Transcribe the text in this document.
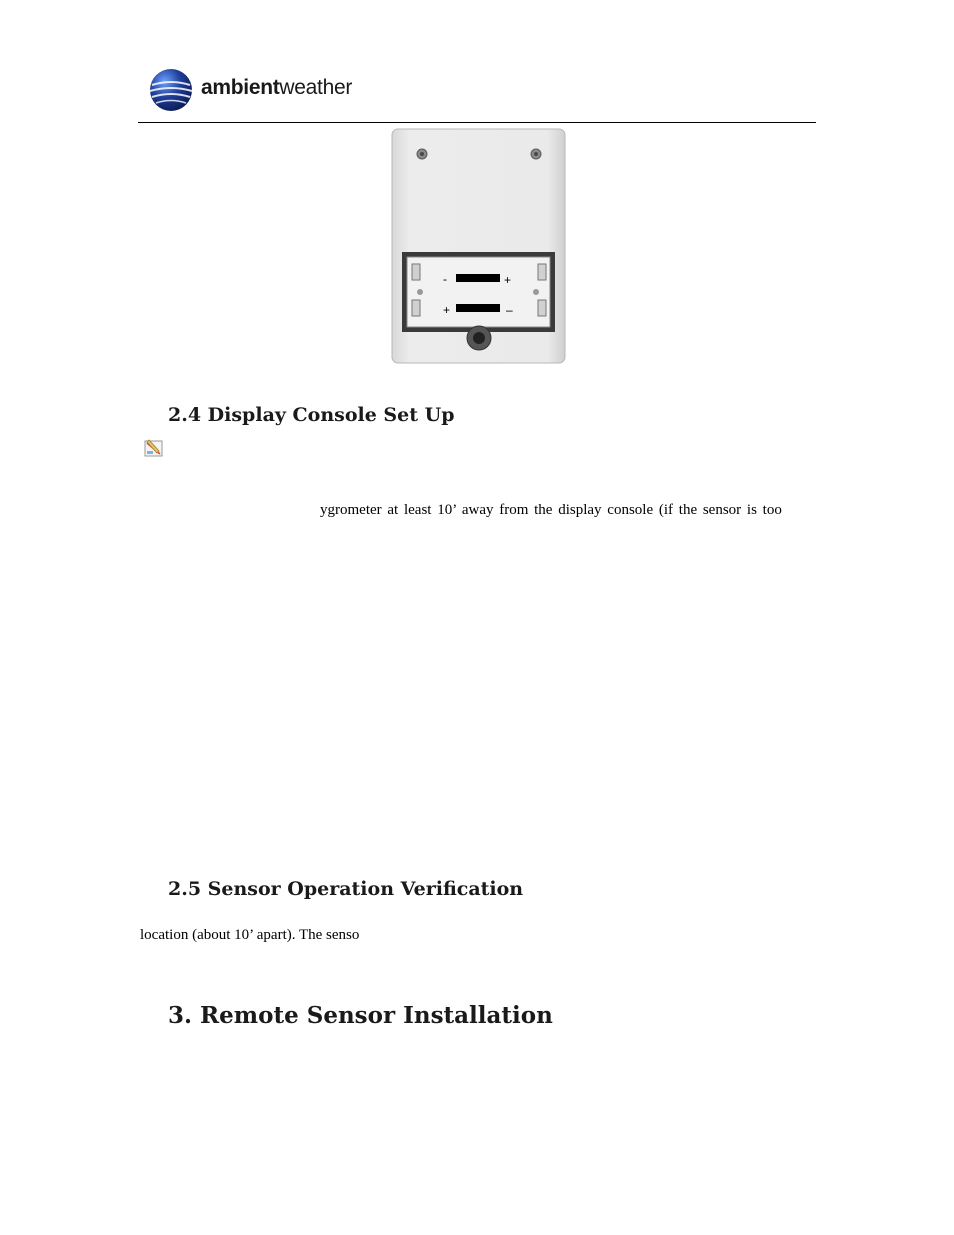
ambientweather
-	+
+	–
2.4 Display Console Set Up
ygrometer at least 10’ away from the display console (if the sensor is too
2.5 Sensor Operation Verification
location (about 10’ apart). The senso
3. Remote Sensor Installation
